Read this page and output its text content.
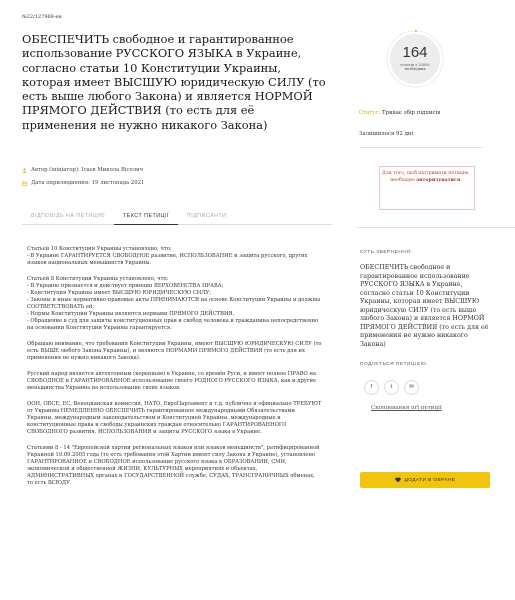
№22/127968-ен
ОБЕСПЕЧИТЬ свободное и гарантированное использование РУССКОГО ЯЗЫКА в Украине, согласно статьи 10 Конституции Украины, которая имеет ВЫСШУЮ юридическую СИЛУ (то есть выше любого Закона) и является НОРМОЙ ПРЯМОГО ДЕЙСТВИЯ (то есть для её применения не нужно никакого Закона)
Автор (ініціатор): Ісаєв Микола Вісолич
Дата оприлюднення: 19 листопада 2021
ВІДПОВІДЬ НА ПЕТИЦІЮ	ТЕКСТ ПЕТИЦІЇ	ПІДПИСАНТИ

Статьей 10 Конституции Украины установлено, что:
- В Украине ГАРАНТИРУЕТСЯ СВОБОДНОЕ развитие, ИСПОЛЬЗОВАНИЕ и защита русского, других языков национальных меньшинств Украины.

Статьей 8 Конституции Украины установлено, что:
- В Украине признается и действует принцип ВЕРХОВЕНСТВА ПРАВА;
- Конституция Украины имеет ВЫСШУЮ ЮРИДИЧЕСКУЮ СИЛУ;
- Законы и иные нормативно-правовые акты ПРИНИМАЮТСЯ на основе Конституции Украины и должны СООТВЕТСТВОВАТЬ ей;
- Нормы Конституции Украины являются нормами ПРЯМОГО ДЕЙСТВИЯ.
- Обращение в суд для защиты конституционных прав и свобод человека и гражданина непосредственно на основании Конституции Украины гарантируется.

Обращаю внимание, что требования Конституции Украины, имеют ВЫСШУЮ ЮРИДИЧЕСКУЮ СИЛУ (то есть ВЫШЕ любого Закона Украины), и являются НОРМАМИ ПРЯМОГО ДЕЙСТВИЯ (то есть для их применения не нужно никакого Закона).

Русский народ является автохтонным (коренным) в Украине, со времён Руси, и имеет полное ПРАВО на СВОБОДНОЕ и ГАРАНТИРОВАННОЕ использование своего РОДНОГО РУССКОГО ЯЗЫКА, как и другие меньшинства Украины на использование своих языков.

ООН, ОБСЕ, ЕС, Венецианская комиссия, НАТО, ЕвроПарламент и т.д. публично и официально ТРЕБУЮТ от Украины НЕМЕДЛЕННО ОБЕСПЕЧИТЬ гарантированное международными Обязательствами Украины, международным законодательством и Конституцией Украины, международные и конституционные права и свободы украинских граждан относительно ГАРАНТИРОВАННОГО СВОБОДНОГО развития, ИСПОЛЬЗОВАНИЯ и защиты РУССКОГО языка в Украине.

Статьями 8 - 14 "Европейской хартии региональных языков или языков меньшинств", ратифицированной Украиной 19.09.2005 года (то есть требования этой Хартии имеют силу Закона в Украине), установлено ГАРАНТИРОВАННОЕ и СВОБОДНОЕ использование русского языка в ОБРАЗОВАНИИ, СМИ, экономической и общественной ЖИЗНИ, КУЛЬТУРНЫХ мероприятиях и объектах, АДМИНИСТРАТИВНЫХ органах и ГОСУДАРСТВЕННОЙ службе, СУДАХ, ТРАНСГРАНИЧНЫХ обменах, то есть ВСЮДУ.

164
голосів з 25000 необхідних
Статус: Триває збір підписів
Залишилося 92 дні
Для того, щоб підтримати петицію, необхідно авторизуватися.
СУТЬ ЗВЕРНЕННЯ:
ОБЕСПЕЧИТЬ свободное и гарантированное использование РУССКОГО ЯЗЫКА в Украине, согласно статьи 10 Конституции Украины, которая имеет ВЫСШУЮ юридическую СИЛУ (то есть выше любого Закона) и является НОРМОЙ ПРЯМОГО ДЕЙСТВИЯ (то есть для её применения не нужно никакого Закона)
ПОДІЛІТЬСЯ ПЕТИЦІЄЮ:
f	t	✉
Скопіювання url петиції
ДОДАТИ В ОБРАНЕ
